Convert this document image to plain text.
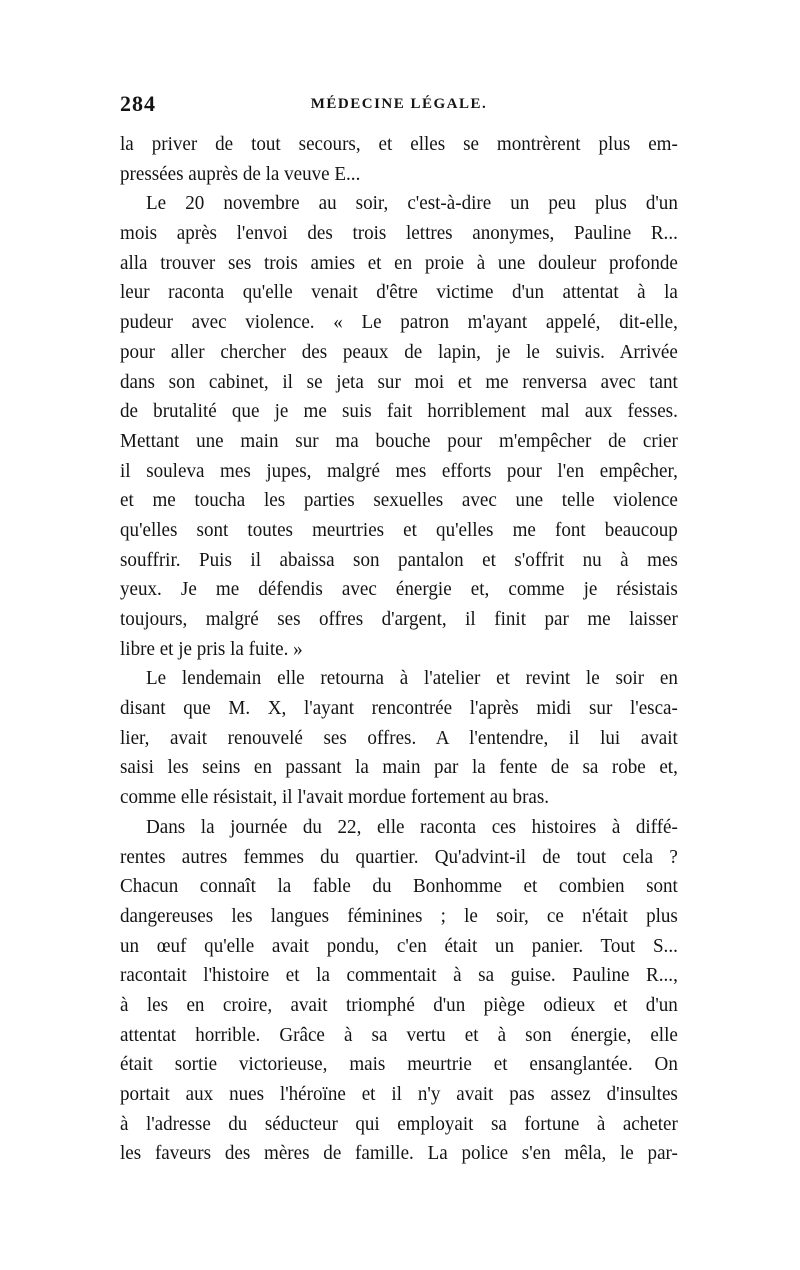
284	MÉDECINE LÉGALE.
la priver de tout secours, et elles se montrèrent plus em-
pressées auprès de la veuve E...
Le 20 novembre au soir, c'est-à-dire un peu plus d'un
mois après l'envoi des trois lettres anonymes, Pauline R...
alla trouver ses trois amies et en proie à une douleur profonde
leur raconta qu'elle venait d'être victime d'un attentat à la
pudeur avec violence. « Le patron m'ayant appelé, dit-elle,
pour aller chercher des peaux de lapin, je le suivis. Arrivée
dans son cabinet, il se jeta sur moi et me renversa avec tant
de brutalité que je me suis fait horriblement mal aux fesses.
Mettant une main sur ma bouche pour m'empêcher de crier
il souleva mes jupes, malgré mes efforts pour l'en empêcher,
et me toucha les parties sexuelles avec une telle violence
qu'elles sont toutes meurtries et qu'elles me font beaucoup
souffrir. Puis il abaissa son pantalon et s'offrit nu à mes
yeux. Je me défendis avec énergie et, comme je résistais
toujours, malgré ses offres d'argent, il finit par me laisser
libre et je pris la fuite. »
Le lendemain elle retourna à l'atelier et revint le soir en
disant que M. X, l'ayant rencontrée l'après midi sur l'esca-
lier, avait renouvelé ses offres. A l'entendre, il lui avait
saisi les seins en passant la main par la fente de sa robe et,
comme elle résistait, il l'avait mordue fortement au bras.
Dans la journée du 22, elle raconta ces histoires à diffé-
rentes autres femmes du quartier. Qu'advint-il de tout cela ?
Chacun connaît la fable du Bonhomme et combien sont
dangereuses les langues féminines ; le soir, ce n'était plus
un œuf qu'elle avait pondu, c'en était un panier. Tout S...
racontait l'histoire et la commentait à sa guise. Pauline R...,
à les en croire, avait triomphé d'un piège odieux et d'un
attentat horrible. Grâce à sa vertu et à son énergie, elle
était sortie victorieuse, mais meurtrie et ensanglantée. On
portait aux nues l'héroïne et il n'y avait pas assez d'insultes
à l'adresse du séducteur qui employait sa fortune à acheter
les faveurs des mères de famille. La police s'en mêla, le par-
